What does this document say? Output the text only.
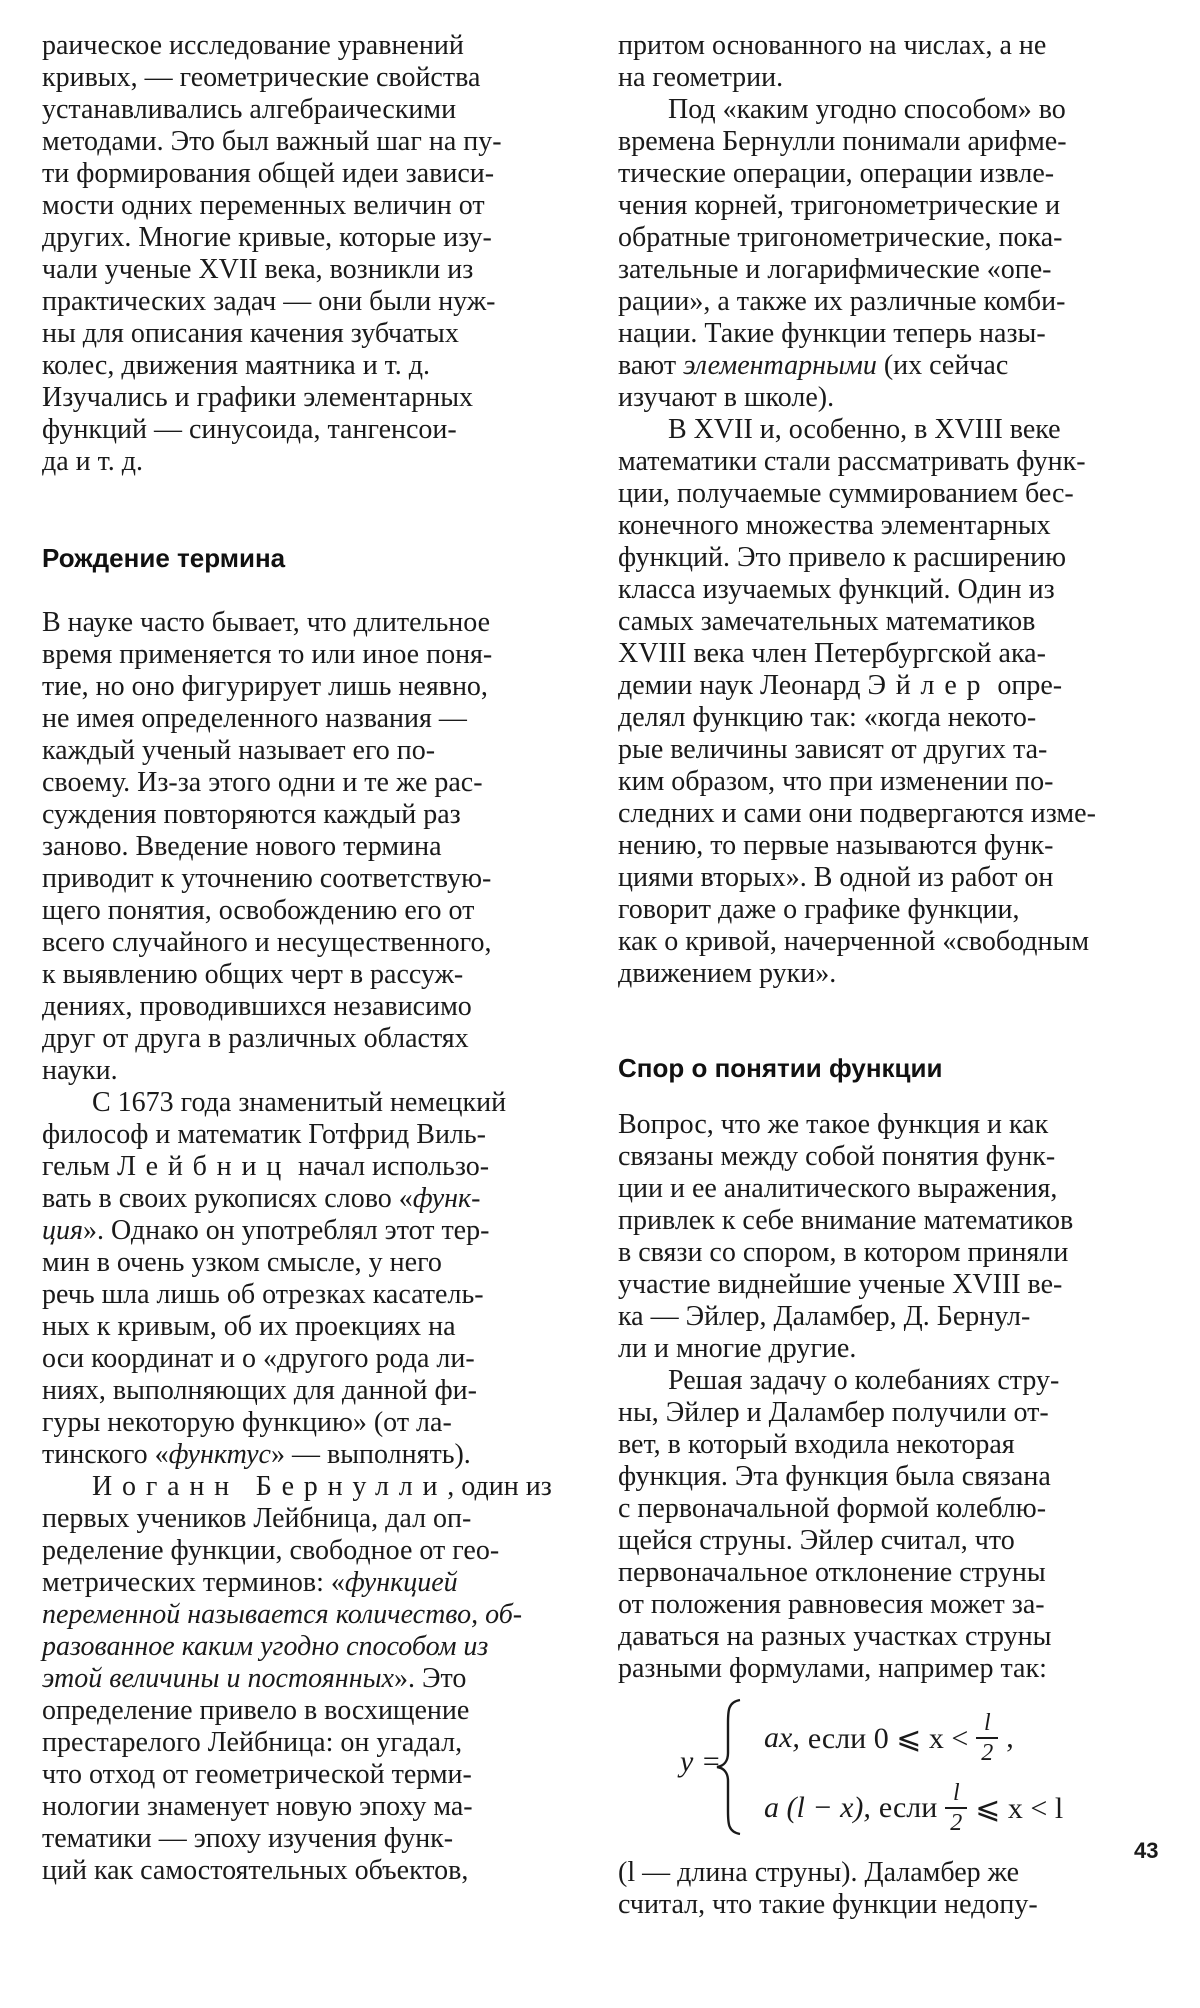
раическое исследование уравнений
кривых, — геометрические свойства
устанавливались алгебраическими
методами. Это был важный шаг на пу-
ти формирования общей идеи зависи-
мости одних переменных величин от
других. Многие кривые, которые изу-
чали ученые XVII века, возникли из
практических задач — они были нуж-
ны для описания качения зубчатых
колес, движения маятника и т. д.
Изучались и графики элементарных
функций — синусоида, тангенсои-
да и т. д.

Рождение термина

В науке часто бывает, что длительное
время применяется то или иное поня-
тие, но оно фигурирует лишь неявно,
не имея определенного названия —
каждый ученый называет его по-
своему. Из-за этого одни и те же рас-
суждения повторяются каждый раз
заново. Введение нового термина
приводит к уточнению соответствую-
щего понятия, освобождению его от
всего случайного и несущественного,
к выявлению общих черт в рассуж-
дениях, проводившихся независимо
друг от друга в различных областях
науки.

С 1673 года знаменитый немецкий
философ и математик Готфрид Виль-
гельм Лейбниц начал использо-
вать в своих рукописях слово «функ-
ция». Однако он употреблял этот тер-
мин в очень узком смысле, у него
речь шла лишь об отрезках касатель-
ных к кривым, об их проекциях на
оси координат и о «другого рода ли-
ниях, выполняющих для данной фи-
гуры некоторую функцию» (от ла-
тинского «функтус» — выполнять).

Иоганн Бернулли, один из
первых учеников Лейбница, дал оп-
ределение функции, свободное от гео-
метрических терминов: «функцией
переменной называется количество, об-
разованное каким угодно способом из
этой величины и постоянных». Это
определение привело в восхищение
престарелого Лейбница: он угадал,
что отход от геометрической терми-
нологии знаменует новую эпоху ма-
тематики — эпоху изучения функ-
ций как самостоятельных объектов,

притом основанного на числах, а не
на геометрии.

Под «каким угодно способом» во
времена Бернулли понимали арифме-
тические операции, операции извле-
чения корней, тригонометрические и
обратные тригонометрические, пока-
зательные и логарифмические «опе-
рации», а также их различные комби-
нации. Такие функции теперь назы-
вают элементарными (их сейчас
изучают в школе).

В XVII и, особенно, в XVIII веке
математики стали рассматривать функ-
ции, получаемые суммированием бес-
конечного множества элементарных
функций. Это привело к расширению
класса изучаемых функций. Один из
самых замечательных математиков
XVIII века член Петербургской ака-
демии наук Леонард Эйлер опре-
делял функцию так: «когда некото-
рые величины зависят от других та-
ким образом, что при изменении по-
следних и сами они подвергаются изме-
нению, то первые называются функ-
циями вторых». В одной из работ он
говорит даже о графике функции,
как о кривой, начерченной «свободным
движением руки».

Спор о понятии функции

Вопрос, что же такое функция и как
связаны между собой понятия функ-
ции и ее аналитического выражения,
привлек к себе внимание математиков
в связи со спором, в котором приняли
участие виднейшие ученые XVIII ве-
ка — Эйлер, Даламбер, Д. Бернул-
ли и многие другие.

Решая задачу о колебаниях стру-
ны, Эйлер и Даламбер получили от-
вет, в который входила некоторая
функция. Эта функция была связана
с первоначальной формой колеблю-
щейся струны. Эйлер считал, что
первоначальное отклонение струны
от положения равновесия может за-
даваться на разных участках струны
разными формулами, например так:

y =
ax, если 0 ⩽ $x < \frac{l}{2}$ ,
a (l − x), если $\frac{l}{2}$ ⩽ x < l

(l — длина струны). Даламбер же
считал, что такие функции недопу-

43
